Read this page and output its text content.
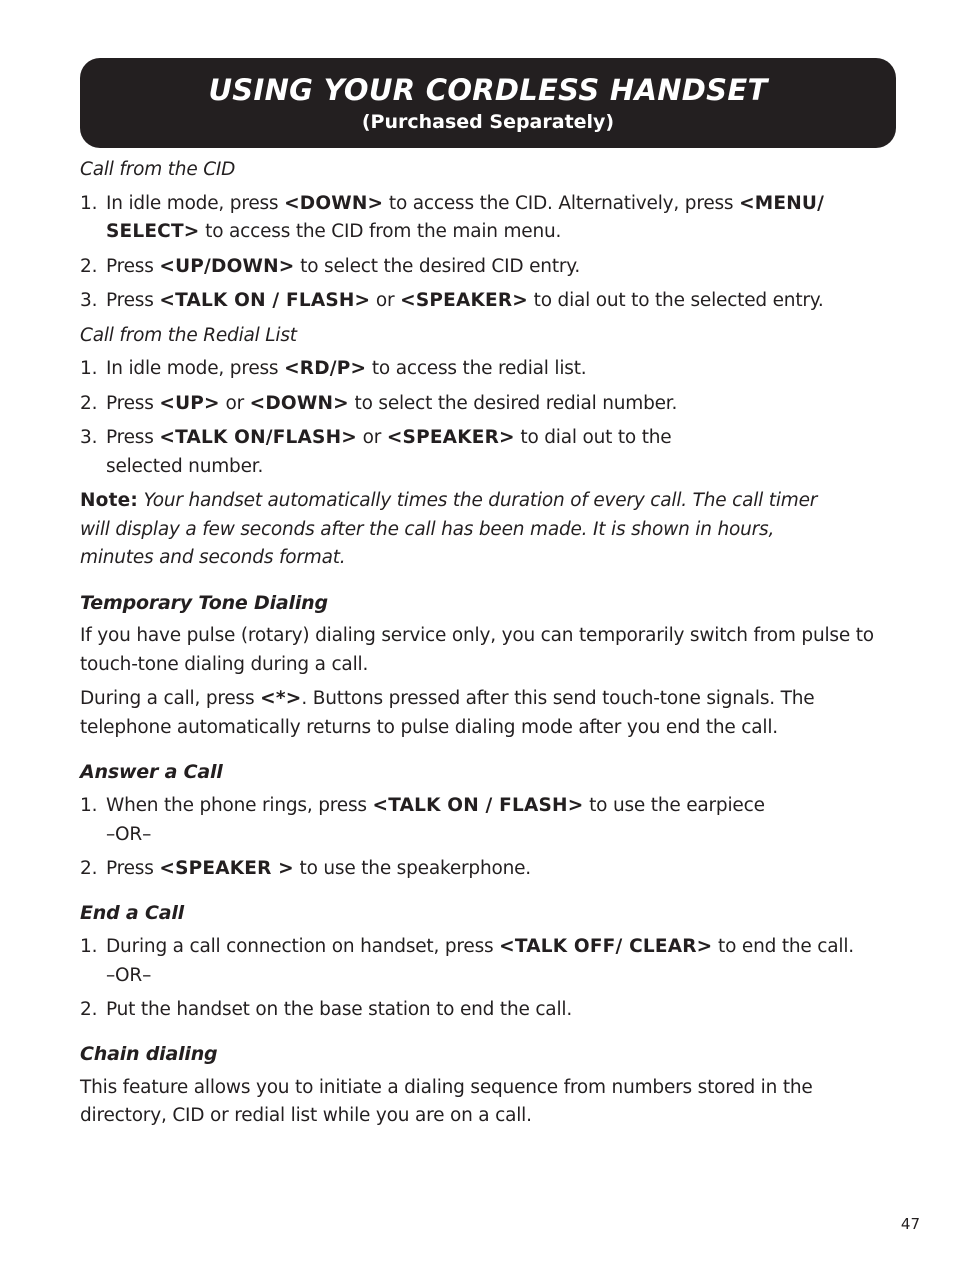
USING YOUR CORDLESS HANDSET
(Purchased Separately)
Call from the CID
1. In idle mode, press <DOWN> to access the CID. Alternatively, press <MENU/ SELECT> to access the CID from the main menu.
2. Press <UP/DOWN> to select the desired CID entry.
3. Press <TALK ON / FLASH> or <SPEAKER> to dial out to the selected entry.
Call from the Redial List
1. In idle mode, press <RD/P> to access the redial list.
2. Press <UP> or <DOWN> to select the desired redial number.
3. Press <TALK ON/FLASH> or <SPEAKER> to dial out to the selected number.

Note: Your handset automatically times the duration of every call. The call timer will display a few seconds after the call has been made. It is shown in hours, minutes and seconds format.

Temporary Tone Dialing

If you have pulse (rotary) dialing service only, you can temporarily switch from pulse to touch-tone dialing during a call.

During a call, press <*>. Buttons pressed after this send touch-tone signals. The telephone automatically returns to pulse dialing mode after you end the call.

Answer a Call
1. When the phone rings, press <TALK ON / FLASH> to use the earpiece
–OR–
2. Press <SPEAKER > to use the speakerphone.
End a Call
1. During a call connection on handset, press <TALK OFF/ CLEAR> to end the call.
–OR–
2. Put the handset on the base station to end the call.
Chain dialing

This feature allows you to initiate a dialing sequence from numbers stored in the directory, CID or redial list while you are on a call.

47
